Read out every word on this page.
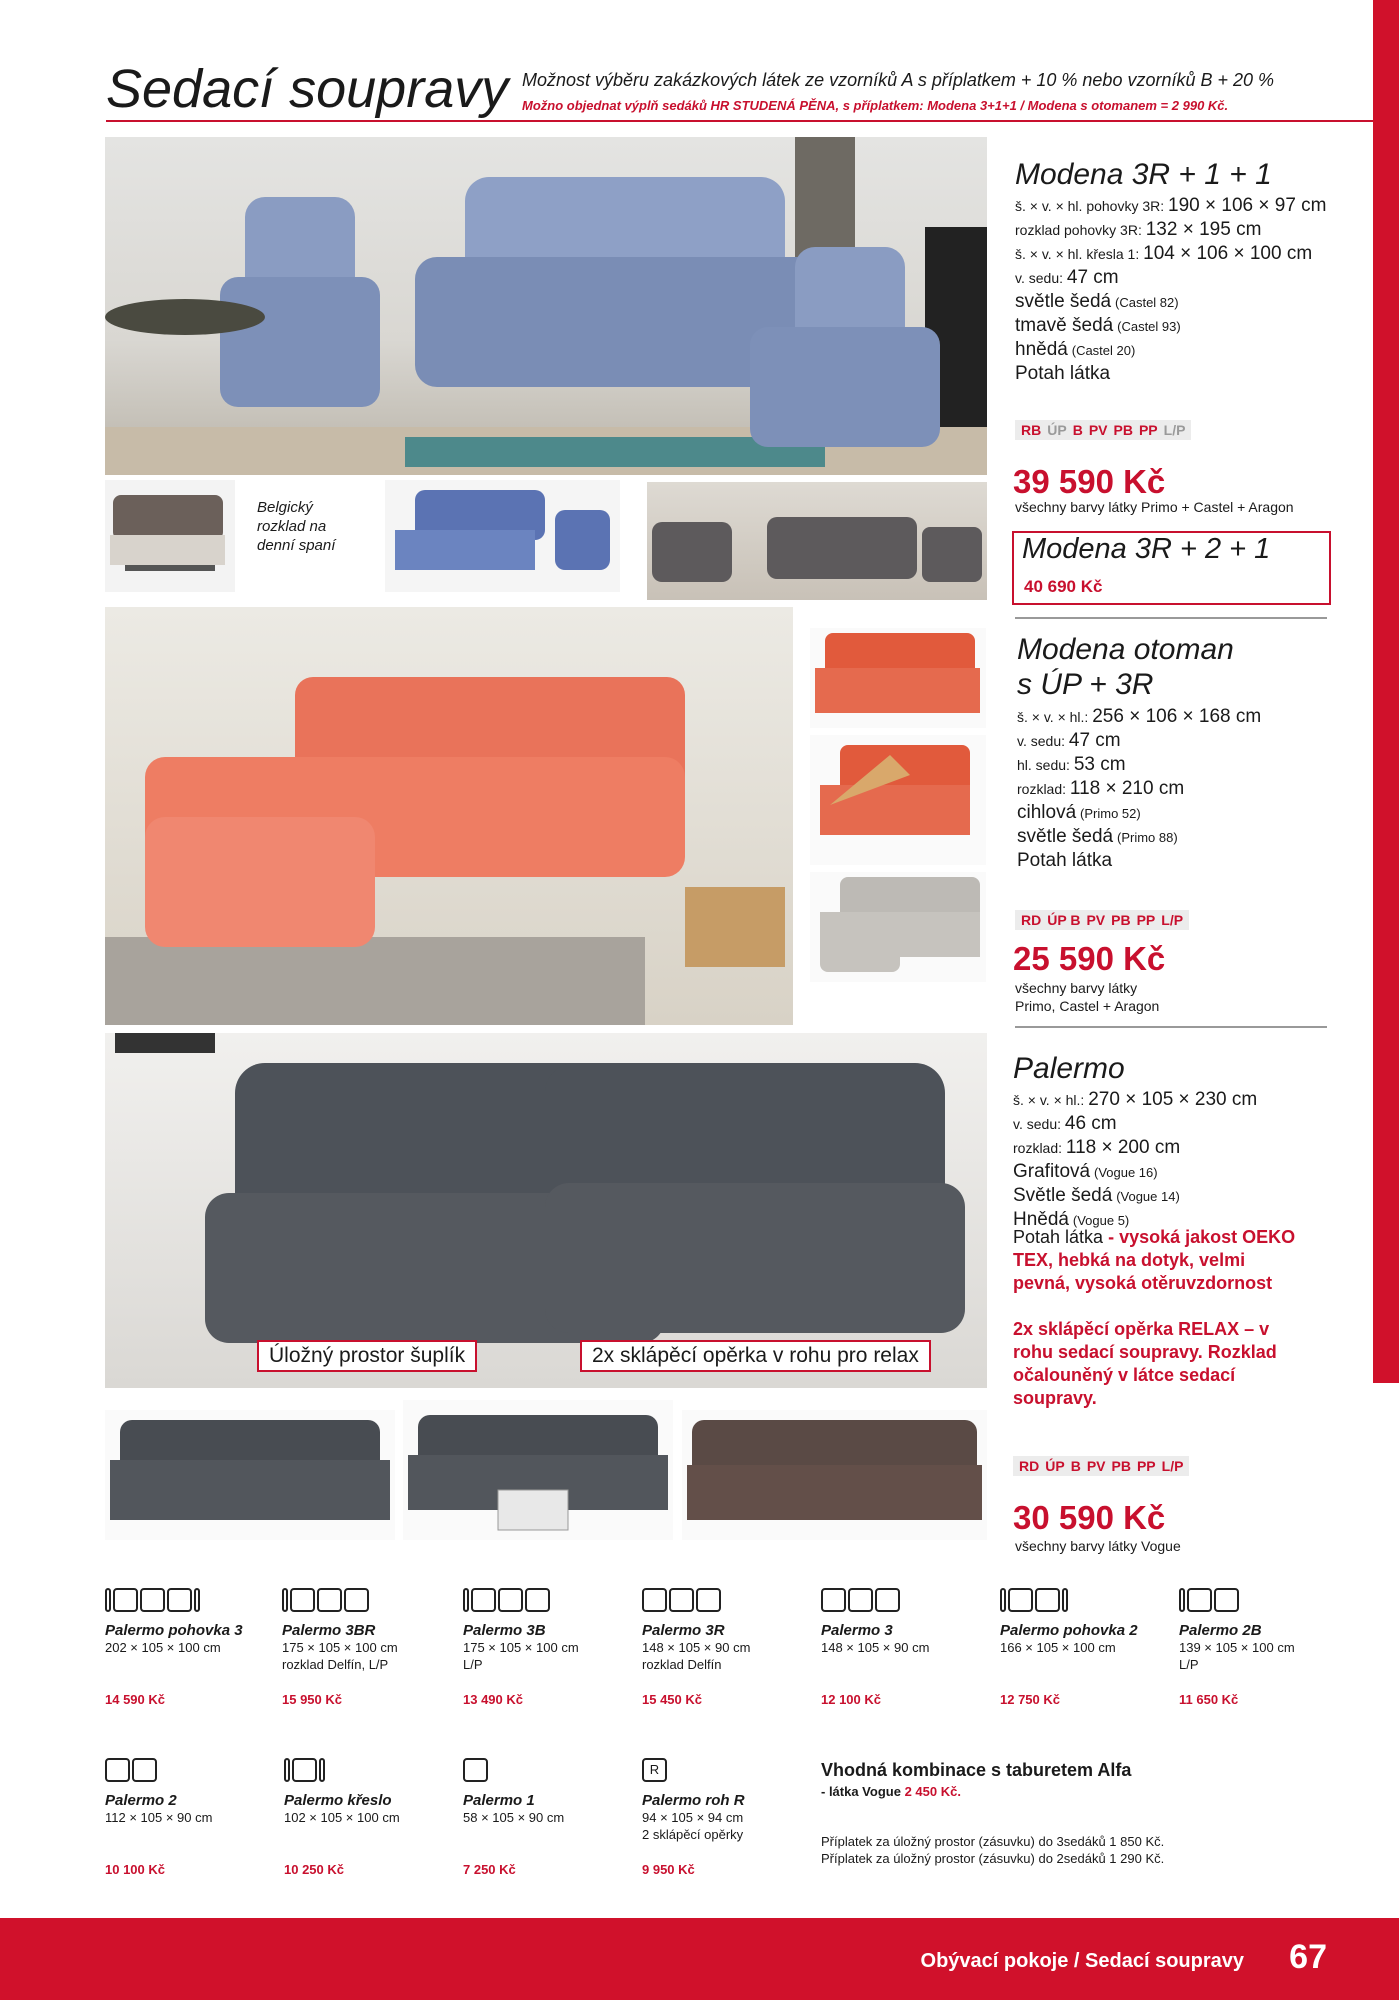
Sedací soupravy Možnost výběru zakázkových látek ze vzorníků A s příplatkem + 10 % nebo vzorníků B + 20 %
Možno objednat výplň sedáků HR STUDENÁ PĚNA, s příplatkem: Modena 3+1+1 / Modena s otomanem = 2 990 Kč.
Belgický rozklad na denní spaní
Modena 3R + 1 + 1
š. × v. × hl. pohovky 3R: 190 × 106 × 97 cm
rozklad pohovky 3R: 132 × 195 cm
š. × v. × hl. křesla 1: 104 × 106 × 100 cm
v. sedu: 47 cm
světle šedá (Castel 82)
tmavě šedá (Castel 93)
hnědá (Castel 20)
Potah látka
RB ÚP B PV PB PP L/P
39 590 Kč
všechny barvy látky Primo + Castel + Aragon
Modena 3R + 2 + 1
40 690 Kč
Modena otoman
s ÚP + 3R
š. × v. × hl.: 256 × 106 × 168 cm
v. sedu: 47 cm
hl. sedu: 53 cm
rozklad: 118 × 210 cm
cihlová (Primo 52)
světle šedá (Primo 88)
Potah látka
RD ÚP B PV PB PP L/P
25 590 Kč
všechny barvy látky
Primo, Castel + Aragon
Úložný prostor šuplík	2x sklápěcí opěrka v rohu pro relax
Palermo
š. × v. × hl.: 270 × 105 × 230 cm
v. sedu: 46 cm
rozklad: 118 × 200 cm
Grafitová (Vogue 16)
Světle šedá (Vogue 14)
Hnědá (Vogue 5)
Potah látka - vysoká jakost OEKO TEX, hebká na dotyk, velmi pevná, vysoká otěruvzdornost
2x sklápěcí opěrka RELAX – v rohu sedací soupravy. Rozklad očalouněný v látce sedací soupravy.
RD ÚP B PV PB PP L/P
30 590 Kč
všechny barvy látky Vogue
Palermo pohovka 3
202 × 105 × 100 cm
14 590 Kč
Palermo 3BR
175 × 105 × 100 cm
rozklad Delfín, L/P
15 950 Kč
Palermo 3B
175 × 105 × 100 cm
L/P
13 490 Kč
Palermo 3R
148 × 105 × 90 cm
rozklad Delfín
15 450 Kč
Palermo 3
148 × 105 × 90 cm
12 100 Kč
Palermo pohovka 2
166 × 105 × 100 cm
12 750 Kč
Palermo 2B
139 × 105 × 100 cm
L/P
11 650 Kč
Palermo 2
112 × 105 × 90 cm
10 100 Kč
Palermo křeslo
102 × 105 × 100 cm
10 250 Kč
Palermo 1
58 × 105 × 90 cm
7 250 Kč
R
Palermo roh R
94 × 105 × 94 cm
2 sklápěcí opěrky
9 950 Kč
Vhodná kombinace s taburetem Alfa
- látka Vogue 2 450 Kč.
Příplatek za úložný prostor (zásuvku) do 3sedáků 1 850 Kč.
Příplatek za úložný prostor (zásuvku) do 2sedáků 1 290 Kč.
Obývací pokoje / Sedací soupravy 67
